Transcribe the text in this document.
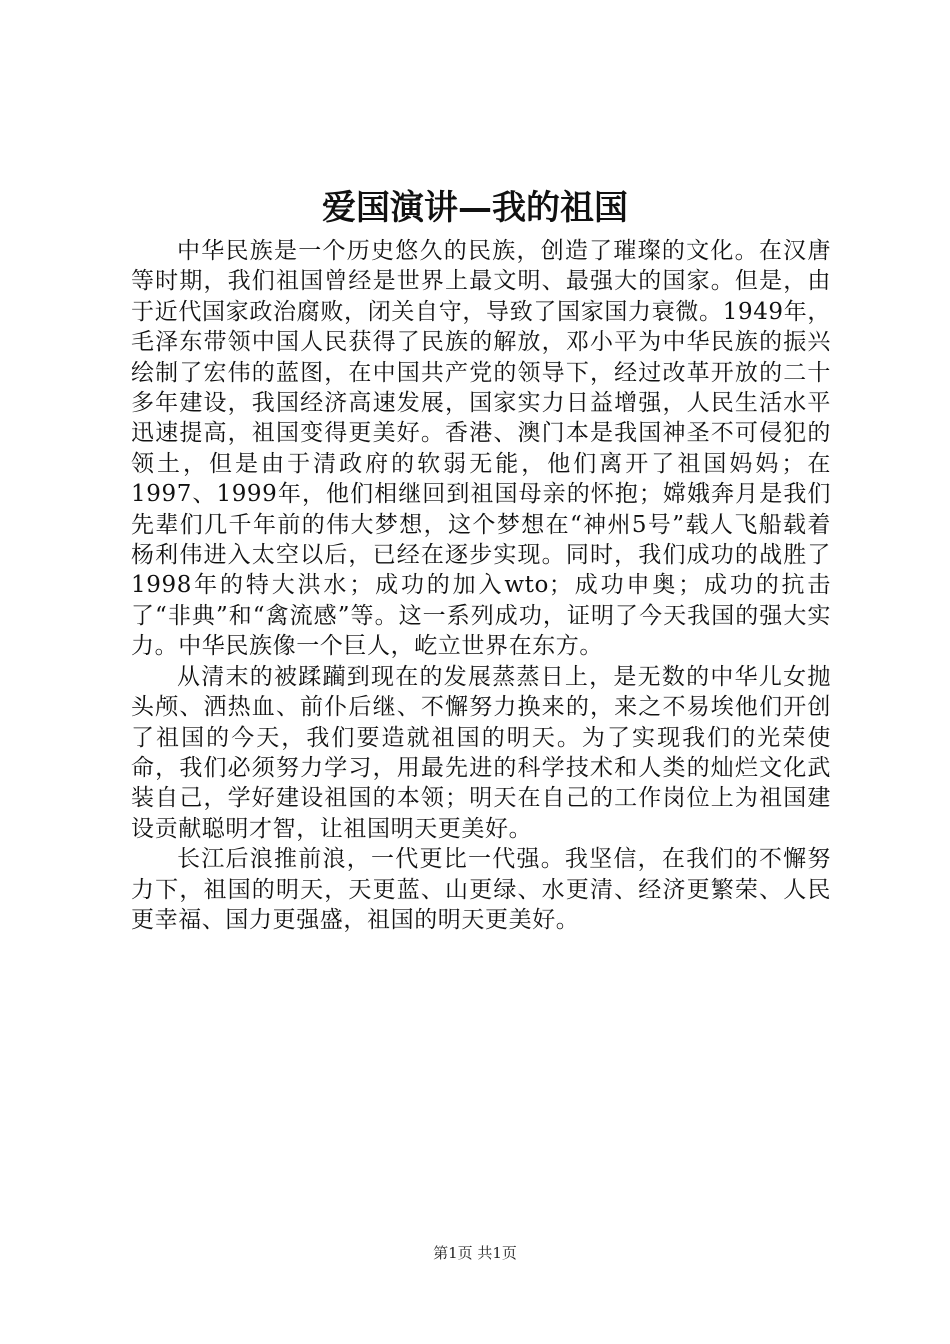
爱国演讲—我的祖国

中华民族是一个历史悠久的民族，创造了璀璨的文化。在汉唐等时期，我们祖国曾经是世界上最文明、最强大的国家。但是，由于近代国家政治腐败，闭关自守，导致了国家国力衰微。1949年，毛泽东带领中国人民获得了民族的解放，邓小平为中华民族的振兴绘制了宏伟的蓝图，在中国共产党的领导下，经过改革开放的二十多年建设，我国经济高速发展，国家实力日益增强，人民生活水平迅速提高，祖国变得更美好。香港、澳门本是我国神圣不可侵犯的领土，但是由于清政府的软弱无能，他们离开了祖国妈妈；在1997、1999年，他们相继回到祖国母亲的怀抱；嫦娥奔月是我们先辈们几千年前的伟大梦想，这个梦想在“神州5号”载人飞船载着杨利伟进入太空以后，已经在逐步实现。同时，我们成功的战胜了1998年的特大洪水；成功的加入wto；成功申奥；成功的抗击了“非典”和“禽流感”等。这一系列成功，证明了今天我国的强大实力。中华民族像一个巨人，屹立世界在东方。

从清末的被蹂躏到现在的发展蒸蒸日上，是无数的中华儿女抛头颅、洒热血、前仆后继、不懈努力换来的，来之不易埃他们开创了祖国的今天，我们要造就祖国的明天。为了实现我们的光荣使命，我们必须努力学习，用最先进的科学技术和人类的灿烂文化武装自己，学好建设祖国的本领；明天在自己的工作岗位上为祖国建设贡献聪明才智，让祖国明天更美好。

长江后浪推前浪，一代更比一代强。我坚信，在我们的不懈努力下，祖国的明天，天更蓝、山更绿、水更清、经济更繁荣、人民更幸福、国力更强盛，祖国的明天更美好。

第1页 共1页
